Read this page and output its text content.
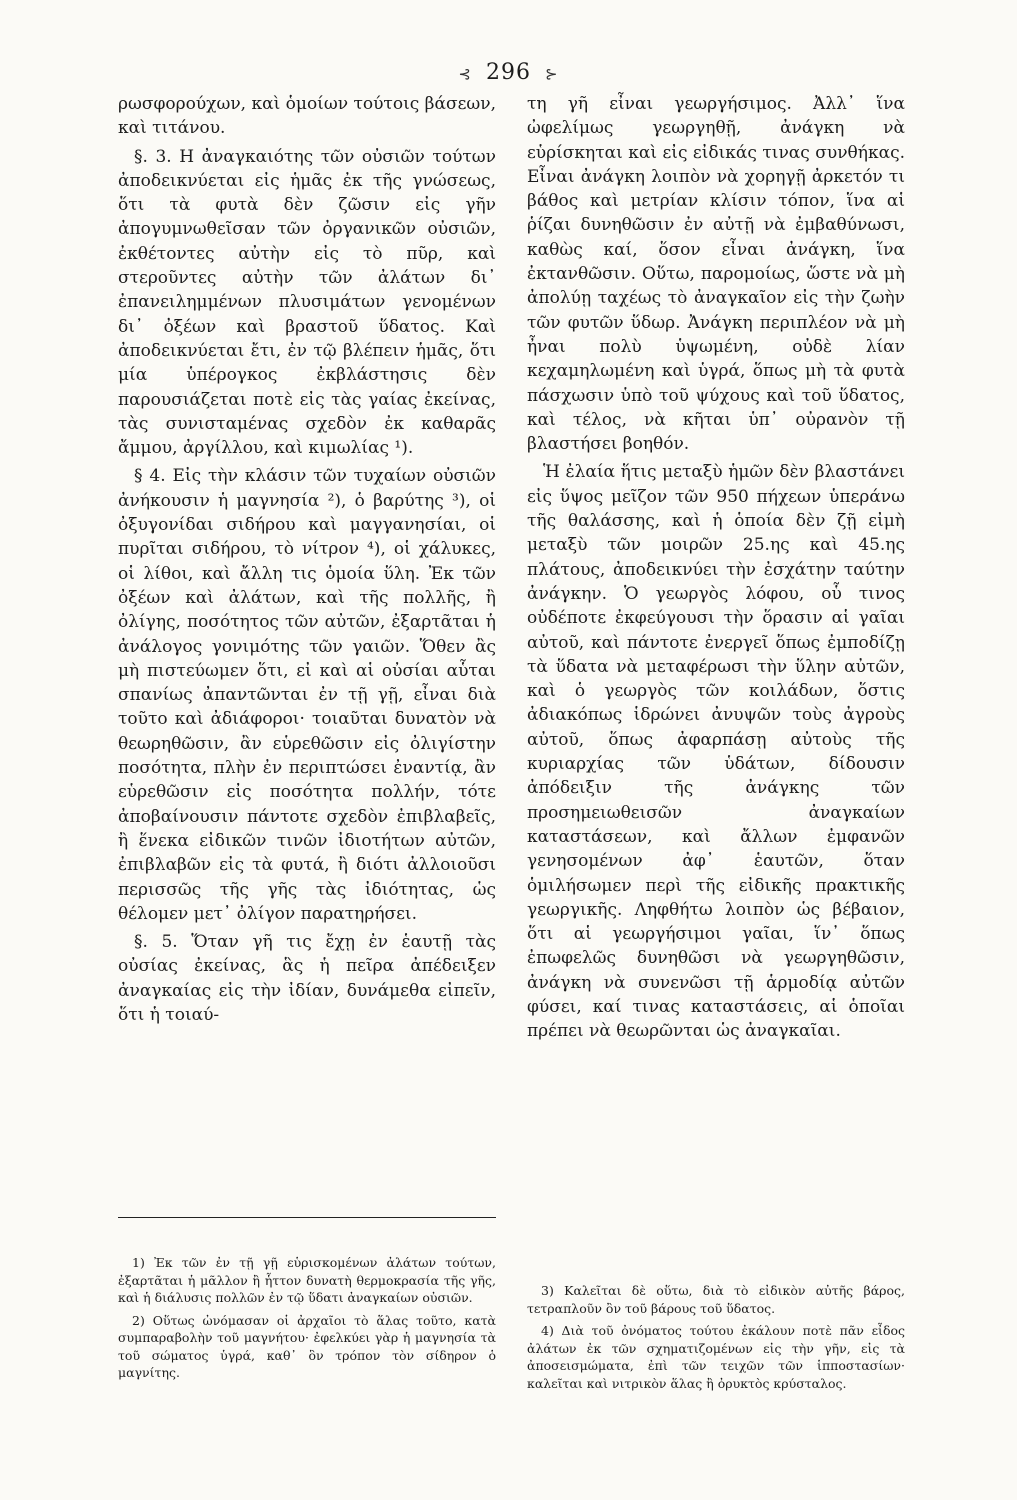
⊰ 296 ⊱

ρωσφορούχων, καὶ ὁμοίων τούτοις βάσεων, καὶ τιτάνου.

§. 3. Η ἀναγκαιότης τῶν οὐσιῶν τούτων ἀποδεικνύεται εἰς ἡμᾶς ἐκ τῆς γνώσεως, ὅτι τὰ φυτὰ δὲν ζῶσιν εἰς γῆν ἀπογυμνωθεῖσαν τῶν ὀργανικῶν οὐσιῶν, ἐκθέτοντες αὐτὴν εἰς τὸ πῦρ, καὶ στεροῦντες αὐτὴν τῶν ἀλάτων δι᾽ ἐπανειλημμένων πλυσιμάτων γενομένων δι᾽ ὀξέων καὶ βραστοῦ ὕδατος. Καὶ ἀποδεικνύεται ἔτι, ἐν τῷ βλέπειν ἡμᾶς, ὅτι μία ὑπέρογκος ἐκβλάστησις δὲν παρουσιάζεται ποτὲ εἰς τὰς γαίας ἐκείνας, τὰς συνισταμένας σχεδὸν ἐκ καθαρᾶς ἄμμου, ἀργίλλου, καὶ κιμωλίας ¹).

§ 4. Εἰς τὴν κλάσιν τῶν τυχαίων οὐσιῶν ἀνήκουσιν ἡ μαγνησία ²), ὁ βαρύτης ³), οἱ ὀξυγονίδαι σιδήρου καὶ μαγγανησίαι, οἱ πυρῖται σιδήρου, τὸ νίτρον ⁴), οἱ χάλυκες, οἱ λίθοι, καὶ ἄλλη τις ὁμοία ὕλη. Ἐκ τῶν ὀξέων καὶ ἀλάτων, καὶ τῆς πολλῆς, ἢ ὀλίγης, ποσότητος τῶν αὐτῶν, ἐξαρτᾶται ἡ ἀνάλογος γονιμότης τῶν γαιῶν. Ὅθεν ἂς μὴ πιστεύωμεν ὅτι, εἰ καὶ αἱ οὐσίαι αὗται σπανίως ἀπαντῶνται ἐν τῇ γῇ, εἶναι διὰ τοῦτο καὶ ἀδιάφοροι· τοιαῦται δυνατὸν νὰ θεωρηθῶσιν, ἂν εὑρεθῶσιν εἰς ὀλιγίστην ποσότητα, πλὴν ἐν περιπτώσει ἐναντίᾳ, ἂν εὑρεθῶσιν εἰς ποσότητα πολλήν, τότε ἀποβαίνουσιν πάντοτε σχεδὸν ἐπιβλαβεῖς, ἢ ἕνεκα εἰδικῶν τινῶν ἰδιοτήτων αὐτῶν, ἐπιβλαβῶν εἰς τὰ φυτά, ἢ διότι ἀλλοιοῦσι περισσῶς τῆς γῆς τὰς ἰδιότητας, ὡς θέλομεν μετ᾽ ὀλίγον παρατηρήσει.

§. 5. Ὅταν γῆ τις ἔχῃ ἐν ἑαυτῇ τὰς οὐσίας ἐκείνας, ἃς ἡ πεῖρα ἀπέδειξεν ἀναγκαίας εἰς τὴν ἰδίαν, δυνάμεθα εἰπεῖν, ὅτι ἡ τοιαύ-

τη γῆ εἶναι γεωργήσιμος. Ἀλλ᾽ ἵνα ὠφελίμως γεωργηθῇ, ἀνάγκη νὰ εὑρίσκηται καὶ εἰς εἰδικάς τινας συνθήκας. Εἶναι ἀνάγκη λοιπὸν νὰ χορηγῇ ἀρκετόν τι βάθος καὶ μετρίαν κλίσιν τόπον, ἵνα αἱ ῥίζαι δυνηθῶσιν ἐν αὐτῇ νὰ ἐμβαθύνωσι, καθὼς καί, ὅσον εἶναι ἀνάγκη, ἵνα ἐκτανθῶσιν. Οὕτω, παρομοίως, ὥστε νὰ μὴ ἀπολύῃ ταχέως τὸ ἀναγκαῖον εἰς τὴν ζωὴν τῶν φυτῶν ὕδωρ. Ἀνάγκη περιπλέον νὰ μὴ ἦναι πολὺ ὑψωμένη, οὐδὲ λίαν κεχαμηλωμένη καὶ ὑγρά, ὅπως μὴ τὰ φυτὰ πάσχωσιν ὑπὸ τοῦ ψύχους καὶ τοῦ ὕδατος, καὶ τέλος, νὰ κῆται ὑπ᾽ οὐρανὸν τῇ βλαστήσει βοηθόν.

Ἡ ἐλαία ἥτις μεταξὺ ἡμῶν δὲν βλαστάνει εἰς ὕψος μεῖζον τῶν 950 πήχεων ὑπεράνω τῆς θαλάσσης, καὶ ἡ ὁποία δὲν ζῇ εἰμὴ μεταξὺ τῶν μοιρῶν 25.ης καὶ 45.ης πλάτους, ἀποδεικνύει τὴν ἐσχάτην ταύτην ἀνάγκην. Ὁ γεωργὸς λόφου, οὗ τινος οὐδέποτε ἐκφεύγουσι τὴν ὅρασιν αἱ γαῖαι αὐτοῦ, καὶ πάντοτε ἐνεργεῖ ὅπως ἐμποδίζῃ τὰ ὕδατα νὰ μεταφέρωσι τὴν ὕλην αὐτῶν, καὶ ὁ γεωργὸς τῶν κοιλάδων, ὅστις ἀδιακόπως ἱδρώνει ἀνυψῶν τοὺς ἀγροὺς αὐτοῦ, ὅπως ἀφαρπάσῃ αὐτοὺς τῆς κυριαρχίας τῶν ὑδάτων, δίδουσιν ἀπόδειξιν τῆς ἀνάγκης τῶν προσημειωθεισῶν ἀναγκαίων καταστάσεων, καὶ ἄλλων ἐμφανῶν γενησομένων ἀφ᾽ ἑαυτῶν, ὅταν ὁμιλήσωμεν περὶ τῆς εἰδικῆς πρακτικῆς γεωργικῆς. Ληφθήτω λοιπὸν ὡς βέβαιον, ὅτι αἱ γεωργήσιμοι γαῖαι, ἵν᾽ ὅπως ἐπωφελῶς δυνηθῶσι νὰ γεωργηθῶσιν, ἀνάγκη νὰ συνενῶσι τῇ ἁρμοδίᾳ αὐτῶν φύσει, καί τινας καταστάσεις, αἱ ὁποῖαι πρέπει νὰ θεωρῶνται ὡς ἀναγκαῖαι.

1) Ἐκ τῶν ἐν τῇ γῇ εὑρισκομένων ἀλάτων τούτων, ἐξαρτᾶται ἡ μᾶλλον ἢ ἧττον δυνατὴ θερμοκρασία τῆς γῆς, καὶ ἡ διάλυσις πολλῶν ἐν τῷ ὕδατι ἀναγκαίων οὐσιῶν.

2) Οὕτως ὠνόμασαν οἱ ἀρχαῖοι τὸ ἅλας τοῦτο, κατὰ συμπαραβολὴν τοῦ μαγνήτου· ἐφελκύει γὰρ ἡ μαγνησία τὰ τοῦ σώματος ὑγρά, καθ᾽ ὃν τρόπον τὸν σίδηρον ὁ μαγνίτης.

3) Καλεῖται δὲ οὕτω, διὰ τὸ εἰδικὸν αὐτῆς βάρος, τετραπλοῦν ὂν τοῦ βάρους τοῦ ὕδατος.

4) Διὰ τοῦ ὀνόματος τούτου ἐκάλουν ποτὲ πᾶν εἶδος ἀλάτων ἐκ τῶν σχηματιζομένων εἰς τὴν γῆν, εἰς τὰ ἀποσεισμώματα, ἐπὶ τῶν τειχῶν τῶν ἱπποστασίων· καλεῖται καὶ νιτρικὸν ἅλας ἢ ὀρυκτὸς κρύσταλος.
